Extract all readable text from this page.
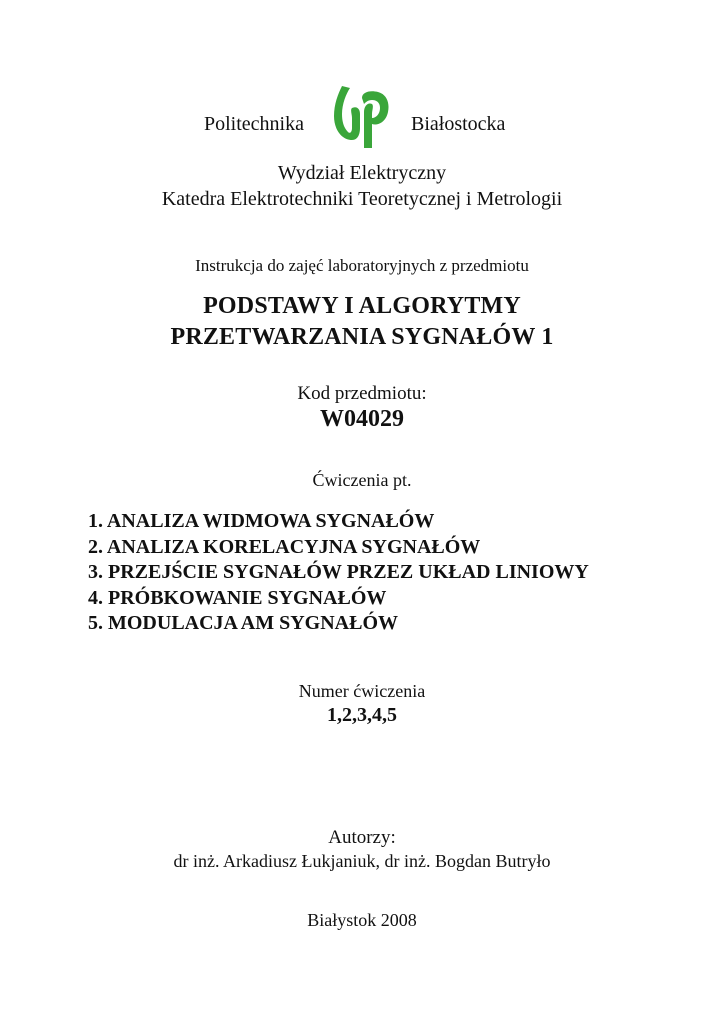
Politechnika	Białostocka
Wydział Elektryczny
Katedra Elektrotechniki Teoretycznej i Metrologii
Instrukcja do zajęć laboratoryjnych z przedmiotu
PODSTAWY I ALGORYTMY
PRZETWARZANIA SYGNAŁÓW 1
Kod przedmiotu:
W04029
Ćwiczenia pt.
1. ANALIZA WIDMOWA SYGNAŁÓW
2. ANALIZA KORELACYJNA SYGNAŁÓW
3. PRZEJŚCIE SYGNAŁÓW PRZEZ UKŁAD LINIOWY
4. PRÓBKOWANIE SYGNAŁÓW
5. MODULACJA AM SYGNAŁÓW
Numer ćwiczenia
1,2,3,4,5
Autorzy:
dr inż. Arkadiusz Łukjaniuk, dr inż. Bogdan Butryło
Białystok 2008
